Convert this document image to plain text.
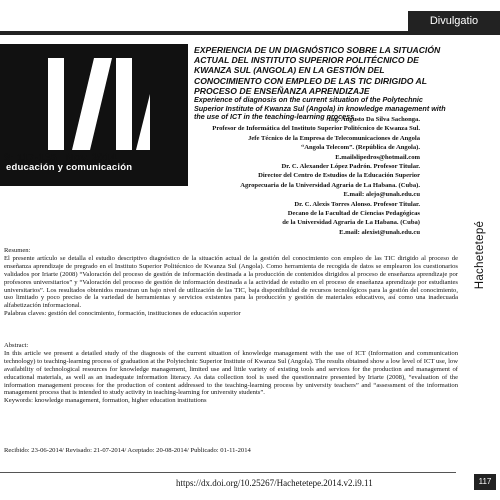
Divulgatio
educación y comunicación
9: 117-135 Nov. 2014
EXPERIENCIA DE UN DIAGNÓSTICO SOBRE LA SITUACIÓN ACTUAL DEL INSTITUTO SUPERIOR POLITÉCNICO DE KWANZA SUL (ANGOLA) EN LA GESTIÓN DEL CONOCIMIENTO CON EMPLEO DE LAS TIC DIRIGIDO AL PROCESO DE ENSEÑANZA APRENDIZAJE
Experience of diagnosis on the current situation of the Polytechnic Superior Institute of Kwanza Sul (Angola) in knowledge management with the use of ICT in the teaching-learning process

Ing. Augusto Da Silva Sachonga.

Profesor de Informática del Instituto Superior Politécnico de Kwanza Sul.

Jefe Técnico de la Empresa de Telecomunicaciones de Angola

“Angola Telecom”. (República de Angola).

E.mailslipedros@hotmail.com

Dr. C. Alexander López Padrón. Profesor Titular.

Director del Centro de Estudios de la Educación Superior

Agropecuaria de la Universidad Agraria de La Habana. (Cuba).

E.mail: alejo@unah.edu.cu

Dr. C. Alexis Torres Alonso. Profesor Titular.

Decano de la Facultad de Ciencias Pedagógicas

de la Universidad Agraria de La Habana. (Cuba)

E.mail: alexist@unah.edu.cu	Hachetetepé
Resumen:
El presente artículo se detalla el estudio descriptivo diagnóstico de la situación actual de la gestión del conocimiento con empleo de las TIC dirigido al proceso de enseñanza aprendizaje de pregrado en el Instituto Superior Politécnico de Kwanza Sul (Angola). Como herramienta de recogida de datos se emplearon los cuestionarios validados por Iriarte (2008) “Valoración del proceso de gestión de información destinada a la producción de contenidos dirigidos al proceso de enseñanza aprendizaje por profesores universitarios” y “Valoración del proceso de gestión de información destinada a la actividad de estudio en el proceso de enseñanza aprendizaje por estudiantes universitarios”. Los resultados obtenidos muestran un bajo nivel de utilización de las TIC, baja disponibilidad de recursos tecnológicos para la gestión del conocimiento, uso limitado y poco preciso de la variedad de herramientas y servicios existentes para la producción y gestión de materiales educativos, así como una inadecuada alfabetización informacional.
Palabras claves: gestión del conocimiento, formación, instituciones de educación superior
Abstract:
In this article we present a detailed study of the diagnosis of the current situation of knowledge management with the use of ICT (Information and communication technology) to teaching-learning process of graduation at the Polytechnic Superior Institute of Kwanza Sul (Angola). The results obtained show a low level of ICT use, low availability of technological resources for knowledge management, limited use and little variety of existing tools and services for the production and management of educational materials, as well as an inadequate information literacy. As data collection tool is used the questionnaire presented by Iriarte (2008), “evaluation of the information management process for the production of content addressed to the teaching-learning process by university teachers” and “assessment of the information management process that is intended to study activity in teaching-learning for university students”.
Keywords: knowledge management, formation, higher education institutions
Recibido: 23-06-2014/ Revisado: 21-07-2014/ Aceptado: 20-08-2014/ Publicado: 01-11-2014
https://dx.doi.org/10.25267/Hachetetepe.2014.v2.i9.11	117
